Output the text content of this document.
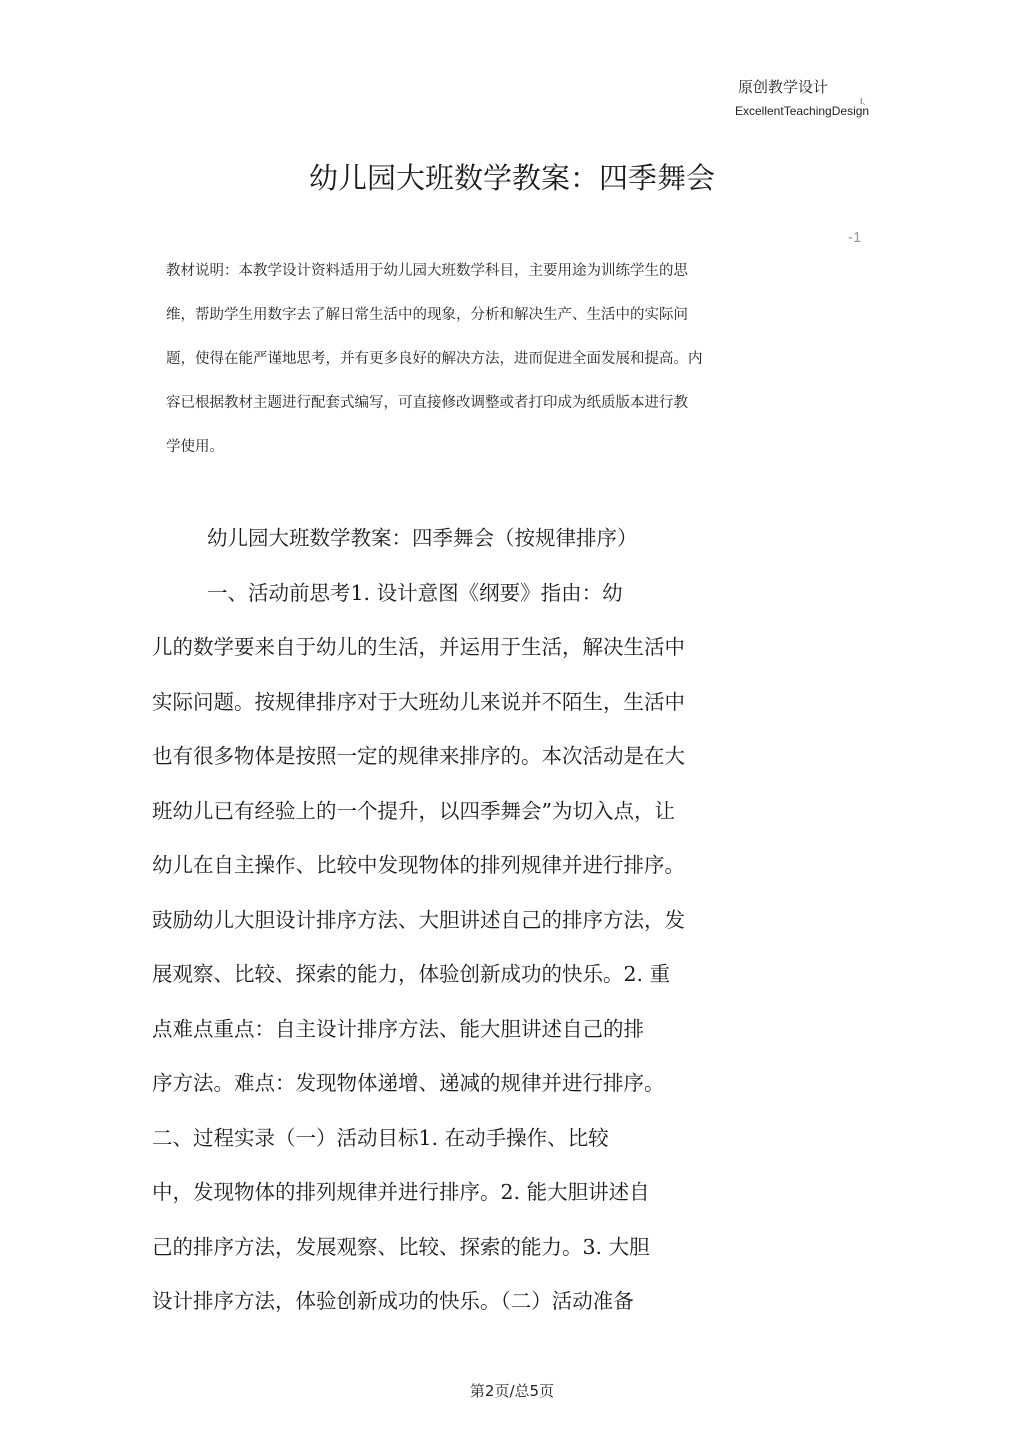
原创教学设计
I、
ExcellentTeachingDesign
幼儿园大班数学教案：四季舞会
-1
教材说明：本教学设计资料适用于幼儿园大班数学科目，主要用途为训练学生的思
维，帮助学生用数字去了解日常生活中的现象，分析和解决生产、生活中的实际问
题，使得在能严谨地思考，并有更多良好的解决方法，进而促进全面发展和提高。内
容已根据教材主题进行配套式编写，可直接修改调整或者打印成为纸质版本进行教
学使用。
幼儿园大班数学教案：四季舞会（按规律排序）
一、活动前思考1. 设计意图《纲要》指由：幼
儿的数学要来自于幼儿的生活，并运用于生活，解决生活中
实际问题。按规律排序对于大班幼儿来说并不陌生，生活中
也有很多物体是按照一定的规律来排序的。本次活动是在大
班幼儿已有经验上的一个提升，以四季舞会”为切入点，让
幼儿在自主操作、比较中发现物体的排列规律并进行排序。
豉励幼儿大胆设计排序方法、大胆讲述自己的排序方法，发
展观察、比较、探索的能力，体验创新成功的快乐。2. 重
点难点重点：自主设计排序方法、能大胆讲述自己的排
序方法。难点：发现物体递增、递减的规律并进行排序。
二、过程实录（一）活动目标1. 在动手操作、比较
中，发现物体的排列规律并进行排序。2. 能大胆讲述自
己的排序方法，发展观察、比较、探索的能力。3. 大胆
设计排序方法，体验创新成功的快乐。（二）活动准备
第2页/总5页
